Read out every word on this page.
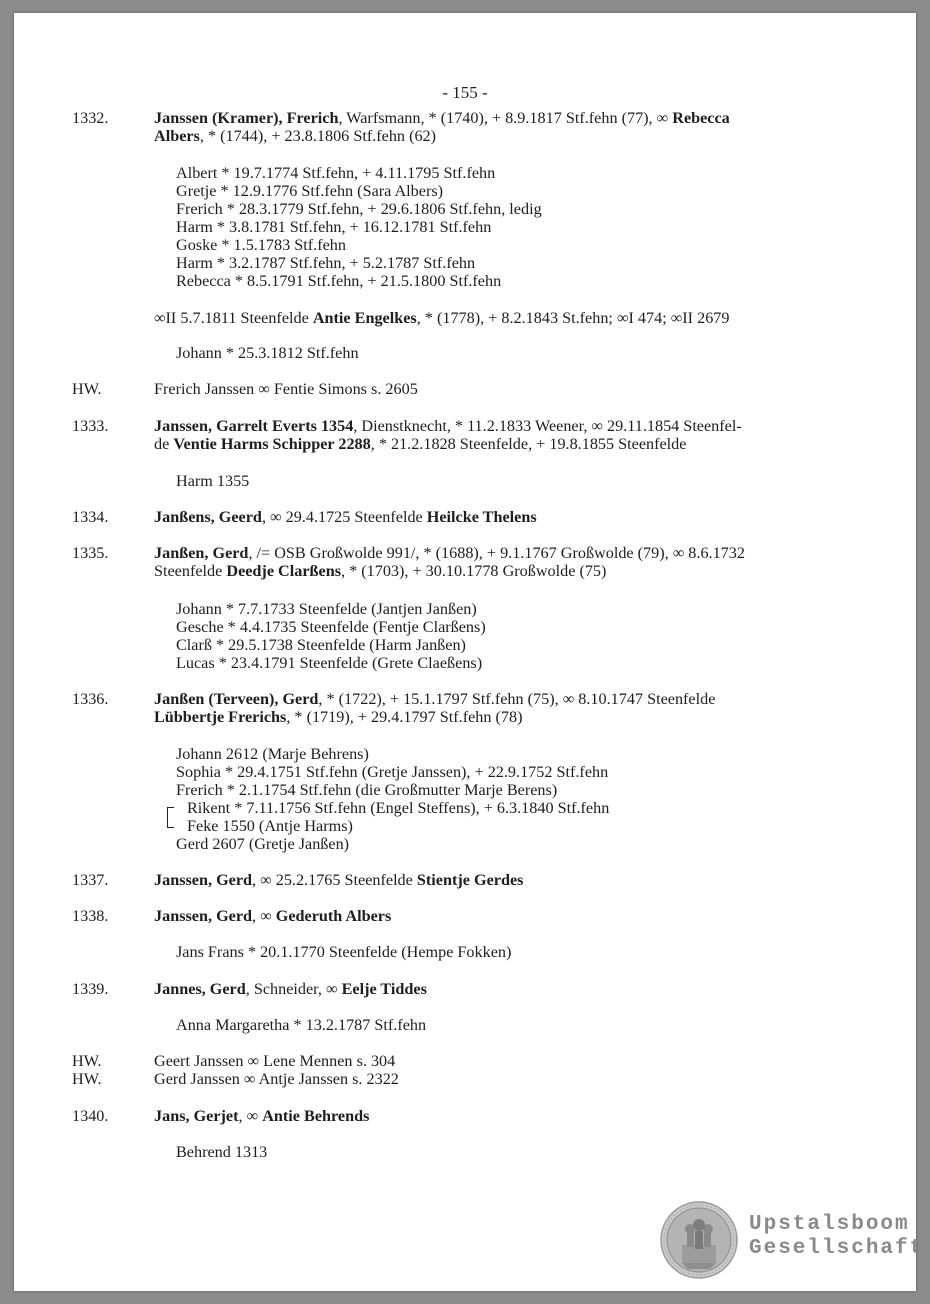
- 155 -
1332.	Janssen (Kramer), Frerich, Warfsmann, * (1740), + 8.9.1817 Stf.fehn (77), ∞ Rebecca
Albers, * (1744), + 23.8.1806 Stf.fehn (62)
Albert * 19.7.1774 Stf.fehn, + 4.11.1795 Stf.fehn
Gretje * 12.9.1776 Stf.fehn (Sara Albers)
Frerich * 28.3.1779 Stf.fehn, + 29.6.1806 Stf.fehn, ledig
Harm * 3.8.1781 Stf.fehn, + 16.12.1781 Stf.fehn
Goske * 1.5.1783 Stf.fehn
Harm * 3.2.1787 Stf.fehn, + 5.2.1787 Stf.fehn
Rebecca * 8.5.1791 Stf.fehn, + 21.5.1800 Stf.fehn
∞II 5.7.1811 Steenfelde Antie Engelkes, * (1778), + 8.2.1843 St.fehn; ∞I 474; ∞II 2679
Johann * 25.3.1812 Stf.fehn
HW.	Frerich Janssen ∞ Fentie Simons s. 2605
1333.	Janssen, Garrelt Everts 1354, Dienstknecht, * 11.2.1833 Weener, ∞ 29.11.1854 Steenfel-
de Ventie Harms Schipper 2288, * 21.2.1828 Steenfelde, + 19.8.1855 Steenfelde
Harm 1355
1334.	Janßens, Geerd, ∞ 29.4.1725 Steenfelde Heilcke Thelens
1335.	Janßen, Gerd, /= OSB Großwolde 991/, * (1688), + 9.1.1767 Großwolde (79), ∞ 8.6.1732
Steenfelde Deedje Clarßens, * (1703), + 30.10.1778 Großwolde (75)
Johann * 7.7.1733 Steenfelde (Jantjen Janßen)
Gesche * 4.4.1735 Steenfelde (Fentje Clarßens)
Clarß * 29.5.1738 Steenfelde (Harm Janßen)
Lucas * 23.4.1791 Steenfelde (Grete Claeßens)
1336.	Janßen (Terveen), Gerd, * (1722), + 15.1.1797 Stf.fehn (75), ∞ 8.10.1747 Steenfelde
Lübbertje Frerichs, * (1719), + 29.4.1797 Stf.fehn (78)
Johann 2612 (Marje Behrens)
Sophia * 29.4.1751 Stf.fehn (Gretje Janssen), + 22.9.1752 Stf.fehn
Frerich * 2.1.1754 Stf.fehn (die Großmutter Marje Berens)
Rikent * 7.11.1756 Stf.fehn (Engel Steffens), + 6.3.1840 Stf.fehn
Feke 1550 (Antje Harms)
Gerd 2607 (Gretje Janßen)
1337.	Janssen, Gerd, ∞ 25.2.1765 Steenfelde Stientje Gerdes
1338.	Janssen, Gerd, ∞ Gederuth Albers
Jans Frans * 20.1.1770 Steenfelde (Hempe Fokken)
1339.	Jannes, Gerd, Schneider, ∞ Eelje Tiddes
Anna Margaretha * 13.2.1787 Stf.fehn
HW.	Geert Janssen ∞ Lene Mennen s. 304
HW.	Gerd Janssen ∞ Antje Janssen s. 2322
1340.	Jans, Gerjet, ∞ Antie Behrends
Behrend 1313
Upstalsboom
Gesellschaft
